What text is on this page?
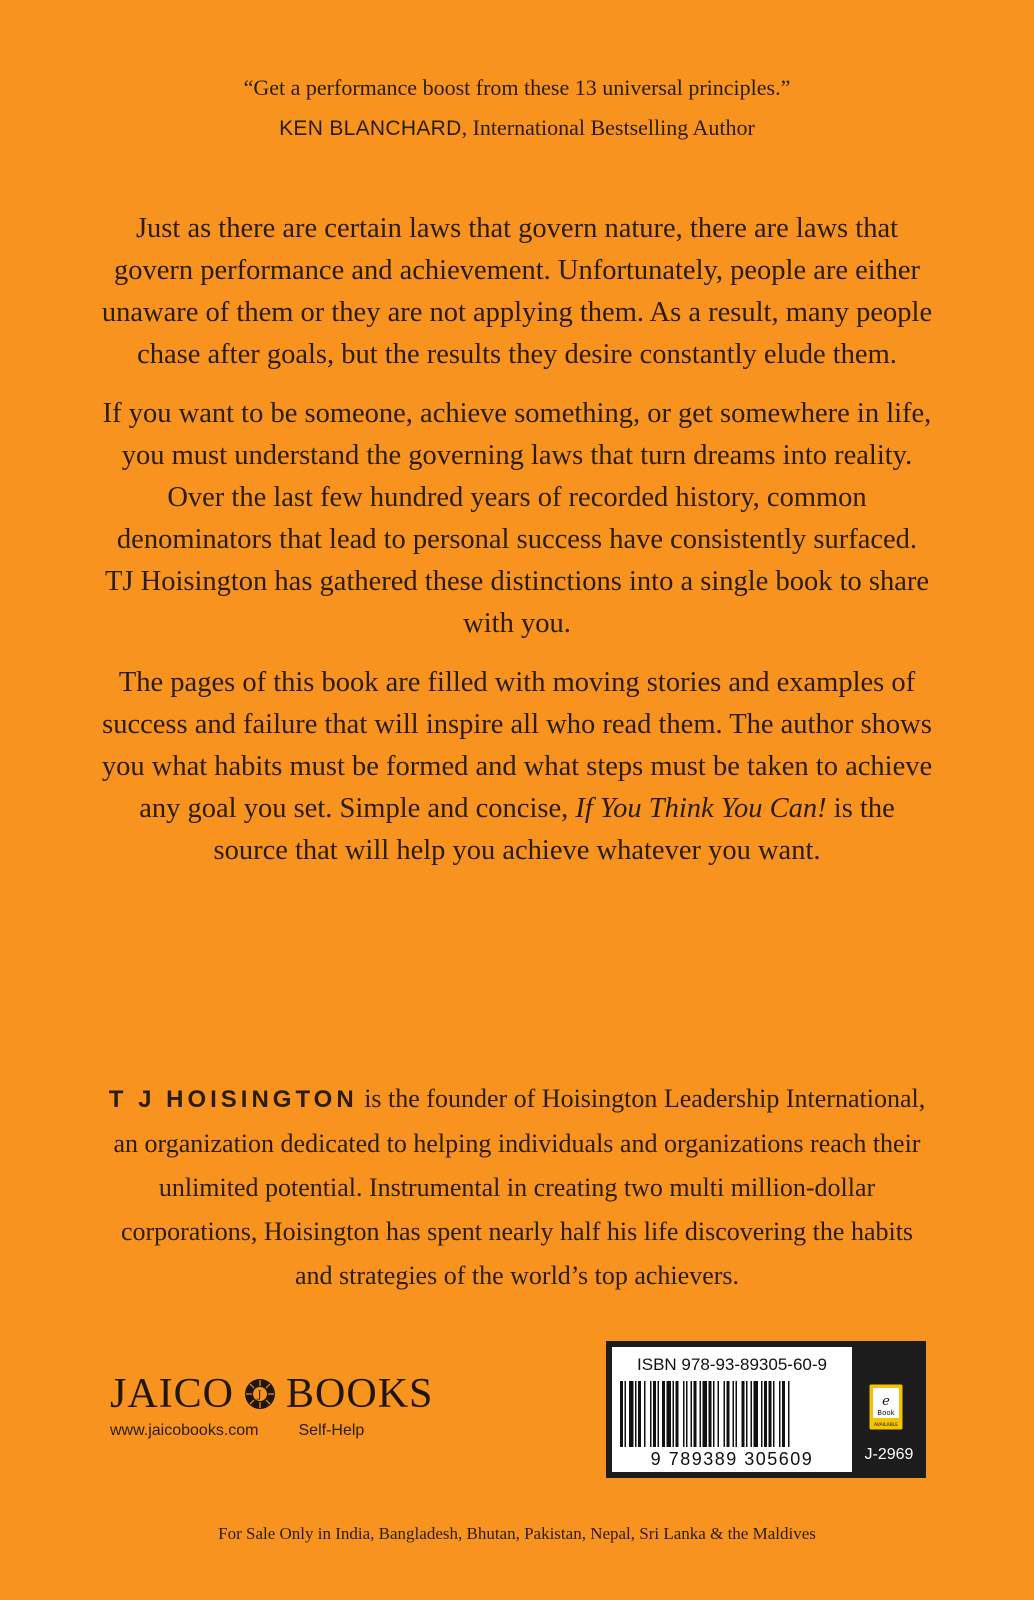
“Get a performance boost from these 13 universal principles.”
KEN BLANCHARD, International Bestselling Author

Just as there are certain laws that govern nature, there are laws that govern performance and achievement. Unfortunately, people are either unaware of them or they are not applying them. As a result, many people chase after goals, but the results they desire constantly elude them.

If you want to be someone, achieve something, or get somewhere in life, you must understand the governing laws that turn dreams into reality. Over the last few hundred years of recorded history, common denominators that lead to personal success have consistently surfaced. TJ Hoisington has gathered these distinctions into a single book to share with you.

The pages of this book are filled with moving stories and examples of success and failure that will inspire all who read them. The author shows you what habits must be formed and what steps must be taken to achieve any goal you set. Simple and concise, If You Think You Can! is the source that will help you achieve whatever you want.

T J HOISINGTON is the founder of Hoisington Leadership International, an organization dedicated to helping individuals and organizations reach their unlimited potential. Instrumental in creating two multi million-dollar corporations, Hoisington has spent nearly half his life discovering the habits and strategies of the world’s top achievers.
JAICO J BOOKS
www.jaicobooks.com	Self-Help
ISBN 978-93-89305-60-9
9 789389 305609
e
Book
AVAILABLE
J-2969
For Sale Only in India, Bangladesh, Bhutan, Pakistan, Nepal, Sri Lanka & the Maldives
